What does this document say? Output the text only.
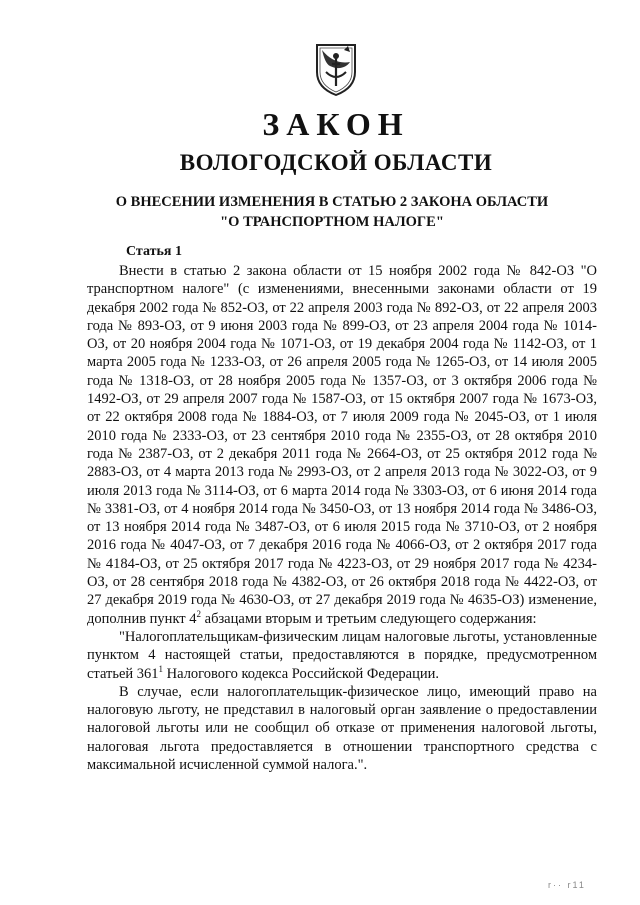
ЗАКОН
ВОЛОГОДСКОЙ ОБЛАСТИ
О ВНЕСЕНИИ ИЗМЕНЕНИЯ В СТАТЬЮ 2 ЗАКОНА ОБЛАСТИ
"О ТРАНСПОРТНОМ НАЛОГЕ"
Статья 1

Внести в статью 2 закона области от 15 ноября 2002 года № 842-ОЗ "О транспортном налоге" (с изменениями, внесенными законами области от 19 декабря 2002 года № 852-ОЗ, от 22 апреля 2003 года № 892-ОЗ, от 22 апреля 2003 года № 893-ОЗ, от 9 июня 2003 года № 899-ОЗ, от 23 апреля 2004 года № 1014-ОЗ, от 20 ноября 2004 года № 1071-ОЗ, от 19 декабря 2004 года № 1142-ОЗ, от 1 марта 2005 года № 1233-ОЗ, от 26 апреля 2005 года № 1265-ОЗ, от 14 июля 2005 года № 1318-ОЗ, от 28 ноября 2005 года № 1357-ОЗ, от 3 октября 2006 года № 1492-ОЗ, от 29 апреля 2007 года № 1587-ОЗ, от 15 октября 2007 года № 1673-ОЗ, от 22 октября 2008 года № 1884-ОЗ, от 7 июля 2009 года № 2045-ОЗ, от 1 июля 2010 года № 2333-ОЗ, от 23 сентября 2010 года № 2355-ОЗ, от 28 октября 2010 года № 2387-ОЗ, от 2 декабря 2011 года № 2664-ОЗ, от 25 октября 2012 года № 2883-ОЗ, от 4 марта 2013 года № 2993-ОЗ, от 2 апреля 2013 года № 3022-ОЗ, от 9 июля 2013 года № 3114-ОЗ, от 6 марта 2014 года № 3303-ОЗ, от 6 июня 2014 года № 3381-ОЗ, от 4 ноября 2014 года № 3450-ОЗ, от 13 ноября 2014 года № 3486-ОЗ, от 13 ноября 2014 года № 3487-ОЗ, от 6 июля 2015 года № 3710-ОЗ, от 2 ноября 2016 года № 4047-ОЗ, от 7 декабря 2016 года № 4066-ОЗ, от 2 октября 2017 года № 4184-ОЗ, от 25 октября 2017 года № 4223-ОЗ, от 29 ноября 2017 года № 4234-ОЗ, от 28 сентября 2018 года № 4382-ОЗ, от 26 октября 2018 года № 4422-ОЗ, от 27 декабря 2019 года № 4630-ОЗ, от 27 декабря 2019 года № 4635-ОЗ) изменение, дополнив пункт $4^2$ абзацами вторым и третьим следующего содержания:

"Налогоплательщикам-физическим лицам налоговые льготы, установленные пунктом 4 настоящей статьи, предоставляются в порядке, предусмотренном статьей $361^1$ Налогового кодекса Российской Федерации.

В случае, если налогоплательщик-физическое лицо, имеющий право на налоговую льготу, не представил в налоговый орган заявление о предоставлении налоговой льготы или не сообщил об отказе от применения налоговой льготы, налоговая льгота предоставляется в отношении транспортного средства с максимальной исчисленной суммой налога.".

r·· r11
